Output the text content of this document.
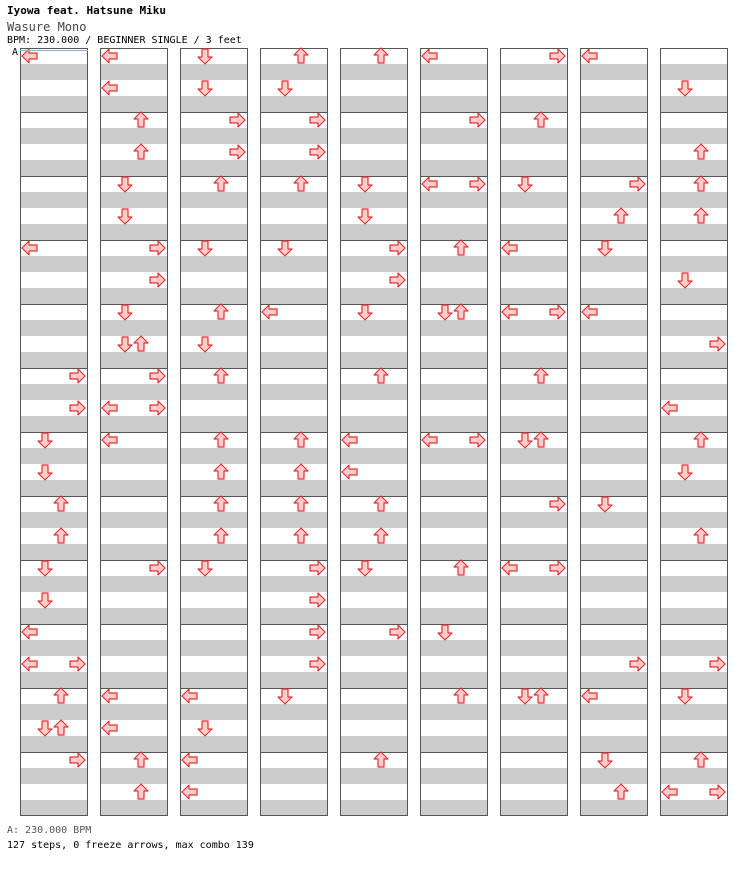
Iyowa feat. Hatsune Miku
Wasure Mono
BPM: 230.000 / BEGINNER SINGLE / 3 feet
A
A: 230.000 BPM
127 steps, 0 freeze arrows, max combo 139
